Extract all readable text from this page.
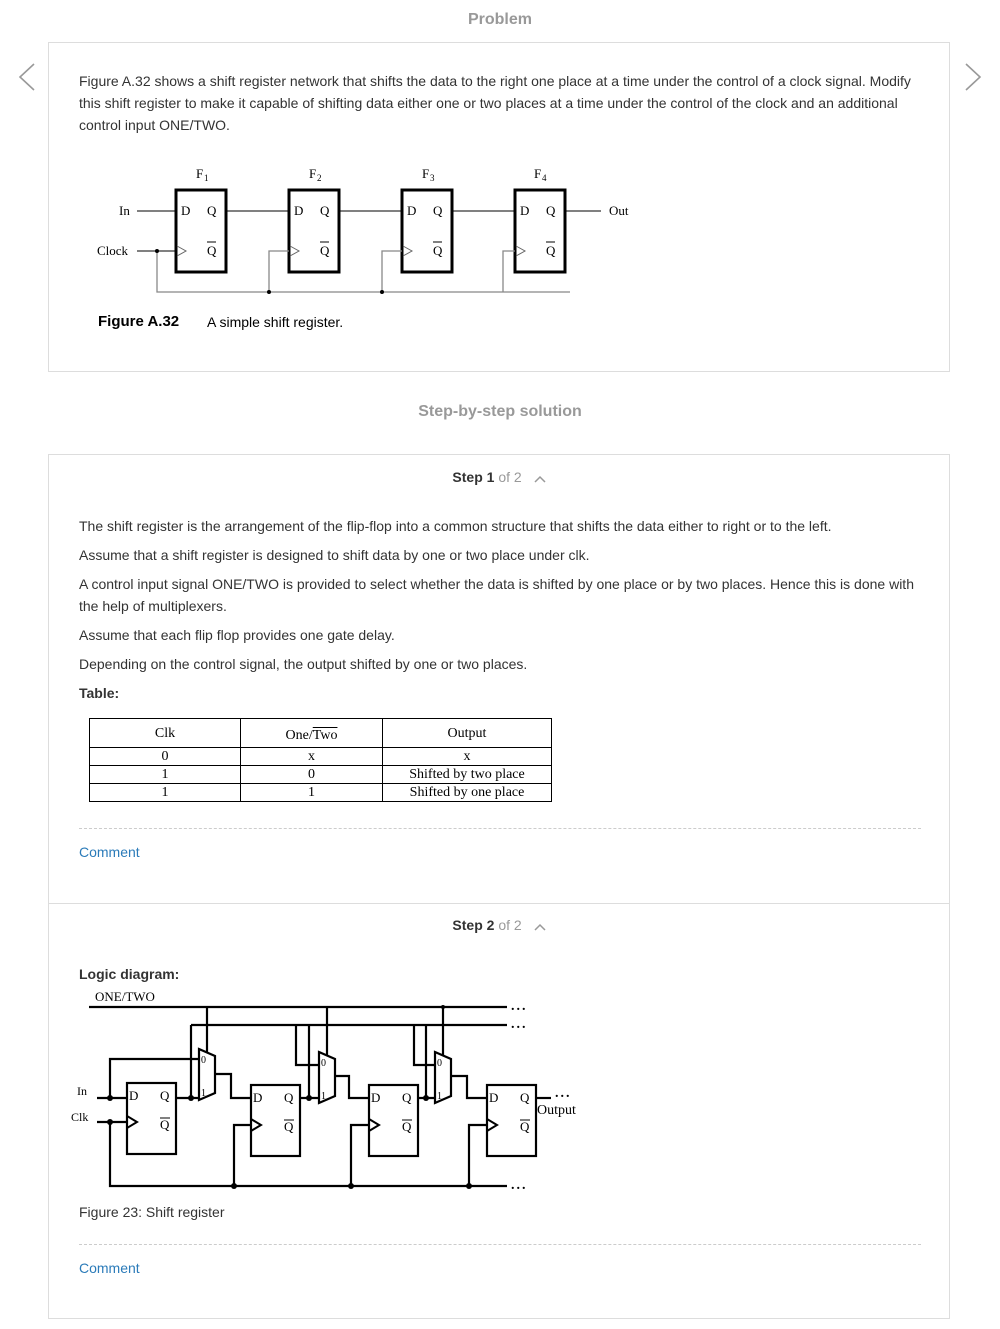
Problem

Figure A.32 shows a shift register network that shifts the data to the right one place at a time under the control of a clock signal. Modify this shift register to make it capable of shifting data either one or two places at a time under the control of the clock and an additional control input ONE/TWO.

F 1	F 2	F 3	F 4
D Q
Q
D Q
Q
D Q
Q
D Q
Q
In
Clock
Out
Figure A.32 A simple shift register.
Step-by-step solution
Step 1 of 2

The shift register is the arrangement of the flip-flop into a common structure that shifts the data either to right or to the left.

Assume that a shift register is designed to shift data by one or two place under clk.

A control input signal ONE/TWO is provided to select whether the data is shifted by one place or by two places. Hence this is done with the help of multiplexers.

Assume that each flip flop provides one gate delay.

Depending on the control signal, the output shifted by one or two places.

Table:

Clk	One/$\overline{Two}$	Output
0	x	x
1	0	Shifted by two place
1	1	Shifted by one place
Comment
Step 2 of 2

Logic diagram:

ONE/TWO
In
Clk	Output
D Q
Q
D Q
Q
D Q
Q
D Q
Q
0
1
0
1
0
1
...
...
...
...
Figure 23: Shift register
Comment
